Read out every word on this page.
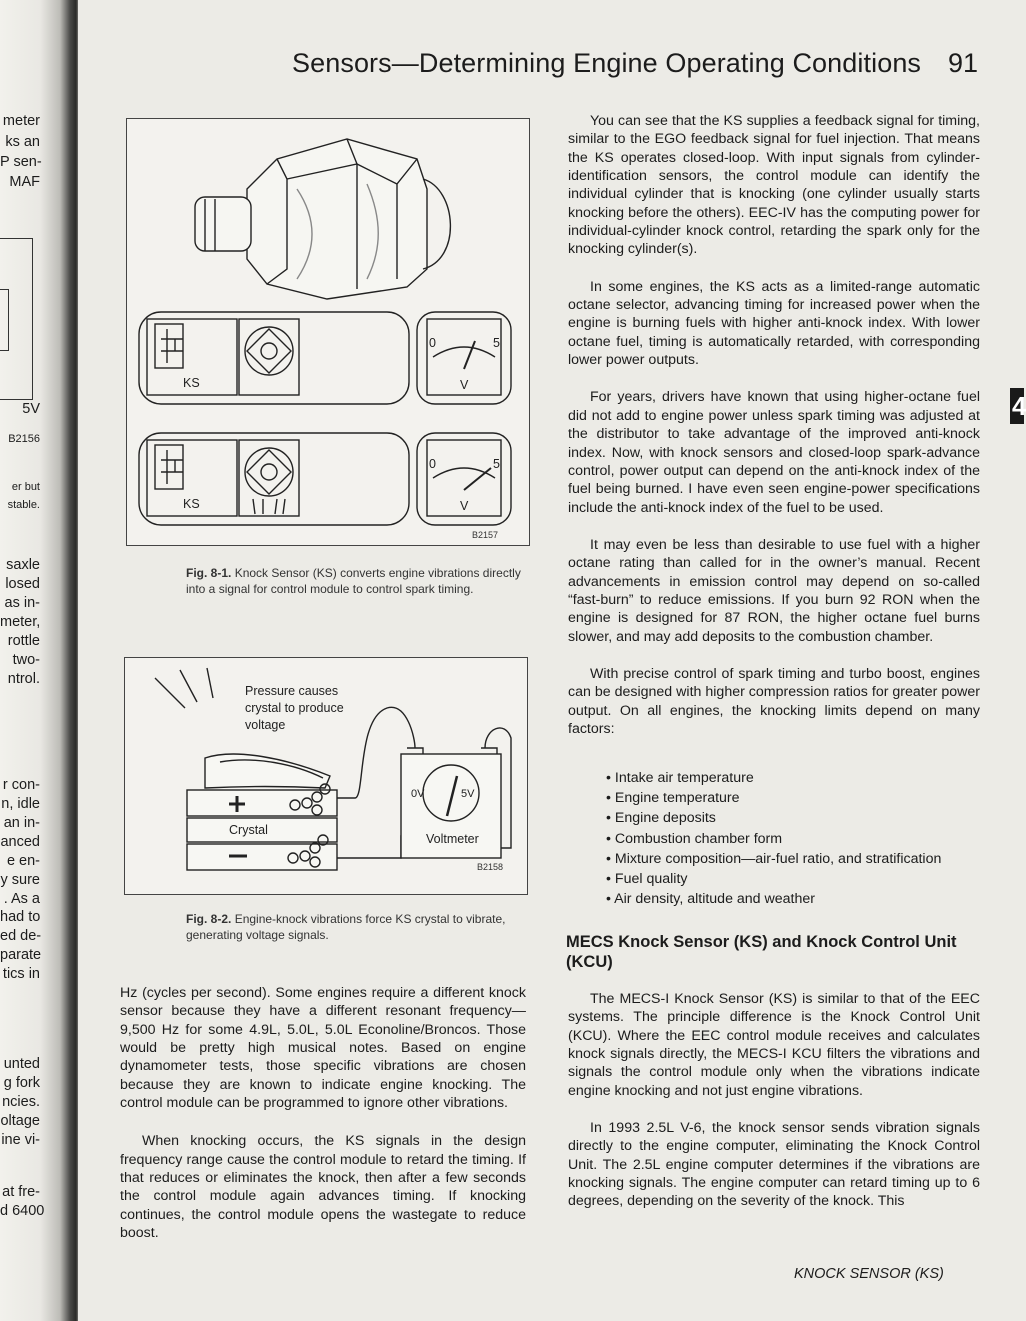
meter
ks an
P sen-
MAF
5V
B2156
er but
stable.
saxle
losed
as in-
meter,
rottle
two-
ntrol.
r con-
n, idle
an in-
anced
e en-
y sure
. As a
had to
ed de-
parate
tics in
unted
g fork
ncies.
oltage
ine vi-
at fre-
d 6400
Sensors—Determining Engine Operating Conditions 91
KS
0	5
V
KS
0	5
V
B2157
Fig. 8-1. Knock Sensor (KS) converts engine vibrations directly into a signal for control module to control spark timing.
Pressure causes crystal to produce voltage
Crystal
0V	5V
Voltmeter
B2158
Fig. 8-2. Engine-knock vibrations force KS crystal to vibrate, generating voltage signals.

Hz (cycles per second). Some engines require a different knock sensor because they have a different resonant frequency—9,500 Hz for some 4.9L, 5.0L, 5.0L Econoline/Broncos. Those would be pretty high musical notes. Based on engine dynamometer tests, those specific vibrations are chosen because they are known to indicate engine knocking. The control module can be programmed to ignore other vibrations.

When knocking occurs, the KS signals in the design frequency range cause the control module to retard the timing. If that reduces or eliminates the knock, then after a few seconds the control module again advances timing. If knocking continues, the control module opens the wastegate to reduce boost.

You can see that the KS supplies a feedback signal for timing, similar to the EGO feedback signal for fuel injection. That means the KS operates closed-loop. With input signals from cylinder-identification sensors, the control module can identify the individual cylinder that is knocking (one cylinder usually starts knocking before the others). EEC-IV has the computing power for individual-cylinder knock control, retarding the spark only for the knocking cylinder(s).

In some engines, the KS acts as a limited-range automatic octane selector, advancing timing for increased power when the engine is burning fuels with higher anti-knock index. With lower octane fuel, timing is automatically retarded, with corresponding lower power outputs.

For years, drivers have known that using higher-octane fuel did not add to engine power unless spark timing was adjusted at the distributor to take advantage of the improved anti-knock index. Now, with knock sensors and closed-loop spark-advance control, power output can depend on the anti-knock index of the fuel being burned. I have even seen engine-power specifications include the anti-knock index of the fuel to be used.

It may even be less than desirable to use fuel with a higher octane rating than called for in the owner’s manual. Recent advancements in emission control may depend on so-called “fast-burn” to reduce emissions. If you burn 92 RON when the engine is designed for 87 RON, the higher octane fuel burns slower, and may add deposits to the combustion chamber.

With precise control of spark timing and turbo boost, engines can be designed with higher compression ratios for greater power output. On all engines, the knocking limits depend on many factors:

• Intake air temperature
• Engine temperature
• Engine deposits
• Combustion chamber form
• Mixture composition—air-fuel ratio, and stratification
• Fuel quality
• Air density, altitude and weather
MECS Knock Sensor (KS) and Knock Control Unit (KCU)

The MECS-I Knock Sensor (KS) is similar to that of the EEC systems. The principle difference is the Knock Control Unit (KCU). Where the EEC control module receives and calculates knock signals directly, the MECS-I KCU filters the vibrations and signals the control module only when the vibrations indicate engine knocking and not just engine vibrations.

In 1993 2.5L V-6, the knock sensor sends vibration signals directly to the engine computer, eliminating the Knock Control Unit. The 2.5L engine computer determines if the vibrations are knocking signals. The engine computer can retard timing up to 6 degrees, depending on the severity of the knock. This

4
KNOCK SENSOR (KS)
